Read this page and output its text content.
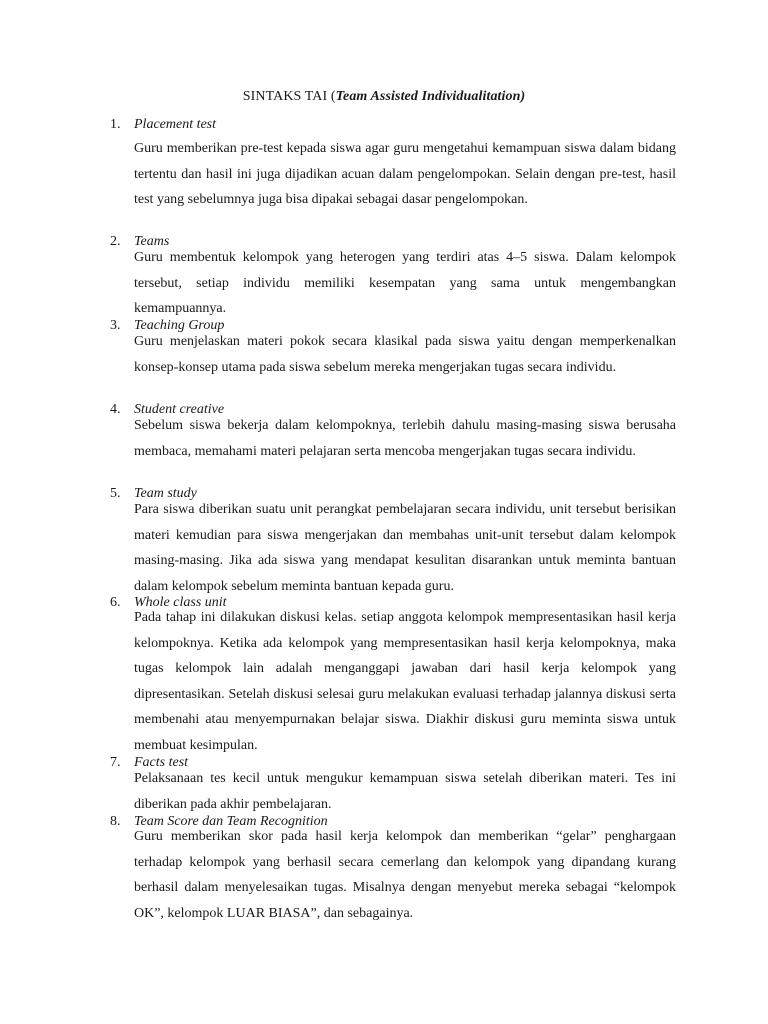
SINTAKS TAI (Team Assisted Individualitation)
1. Placement test

Guru memberikan pre-test kepada siswa agar guru mengetahui kemampuan siswa dalam bidang tertentu dan hasil ini juga dijadikan acuan dalam pengelompokan. Selain dengan pre-test, hasil test yang sebelumnya juga bisa dipakai sebagai dasar pengelompokan.

2. Teams

Guru membentuk kelompok yang heterogen yang terdiri atas 4–5 siswa. Dalam kelompok tersebut, setiap individu memiliki kesempatan yang sama untuk mengembangkan kemampuannya.

3. Teaching Group

Guru menjelaskan materi pokok secara klasikal pada siswa yaitu dengan memperkenalkan konsep-konsep utama pada siswa sebelum mereka mengerjakan tugas secara individu.

4. Student creative

Sebelum siswa bekerja dalam kelompoknya, terlebih dahulu masing-masing siswa berusaha membaca, memahami materi pelajaran serta mencoba mengerjakan tugas secara individu.

5. Team study

Para siswa diberikan suatu unit perangkat pembelajaran secara individu, unit tersebut berisikan materi kemudian para siswa mengerjakan dan membahas unit-unit tersebut dalam kelompok masing-masing. Jika ada siswa yang mendapat kesulitan disarankan untuk meminta bantuan dalam kelompok sebelum meminta bantuan kepada guru.

6. Whole class unit

Pada tahap ini dilakukan diskusi kelas. setiap anggota kelompok mempresentasikan hasil kerja kelompoknya. Ketika ada kelompok yang mempresentasikan hasil kerja kelompoknya, maka tugas kelompok lain adalah menganggapi jawaban dari hasil kerja kelompok yang dipresentasikan. Setelah diskusi selesai guru melakukan evaluasi terhadap jalannya diskusi serta membenahi atau menyempurnakan belajar siswa. Diakhir diskusi guru meminta siswa untuk membuat kesimpulan.

7. Facts test

Pelaksanaan tes kecil untuk mengukur kemampuan siswa setelah diberikan materi. Tes ini diberikan pada akhir pembelajaran.

8. Team Score dan Team Recognition

Guru memberikan skor pada hasil kerja kelompok dan memberikan “gelar” penghargaan terhadap kelompok yang berhasil secara cemerlang dan kelompok yang dipandang kurang berhasil dalam menyelesaikan tugas. Misalnya dengan menyebut mereka sebagai “kelompok OK”, kelompok LUAR BIASA”, dan sebagainya.
